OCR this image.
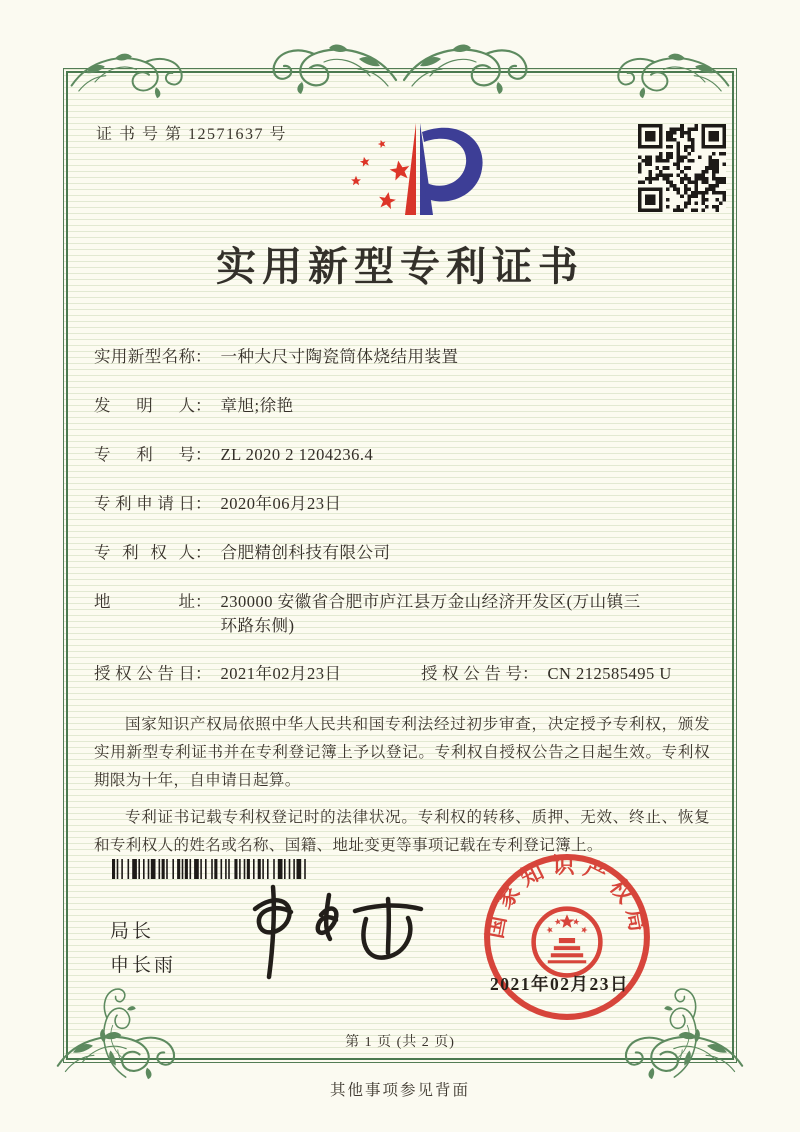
证 书 号 第 12571637 号
实用新型专利证书
实用新型名称 ： 一种大尺寸陶瓷筒体烧结用装置
发明人 ： 章旭;徐艳
专利号 ： ZL 2020 2 1204236.4
专利申请日 ： 2020年06月23日
专利权人 ： 合肥精创科技有限公司
地址 ： 230000 安徽省合肥市庐江县万金山经济开发区(万山镇三环路东侧)
授权公告日 ： 2021年02月23日	授权公告号 ： CN 212585495 U

国家知识产权局依照中华人民共和国专利法经过初步审查，决定授予专利权，颁发实用新型专利证书并在专利登记簿上予以登记。专利权自授权公告之日起生效。专利权期限为十年，自申请日起算。

专利证书记载专利权登记时的法律状况。专利权的转移、质押、无效、终止、恢复和专利权人的姓名或名称、国籍、地址变更等事项记载在专利登记簿上。

局长
申长雨
国家知识产权局
2021年02月23日
第 1 页 (共 2 页)
其他事项参见背面
